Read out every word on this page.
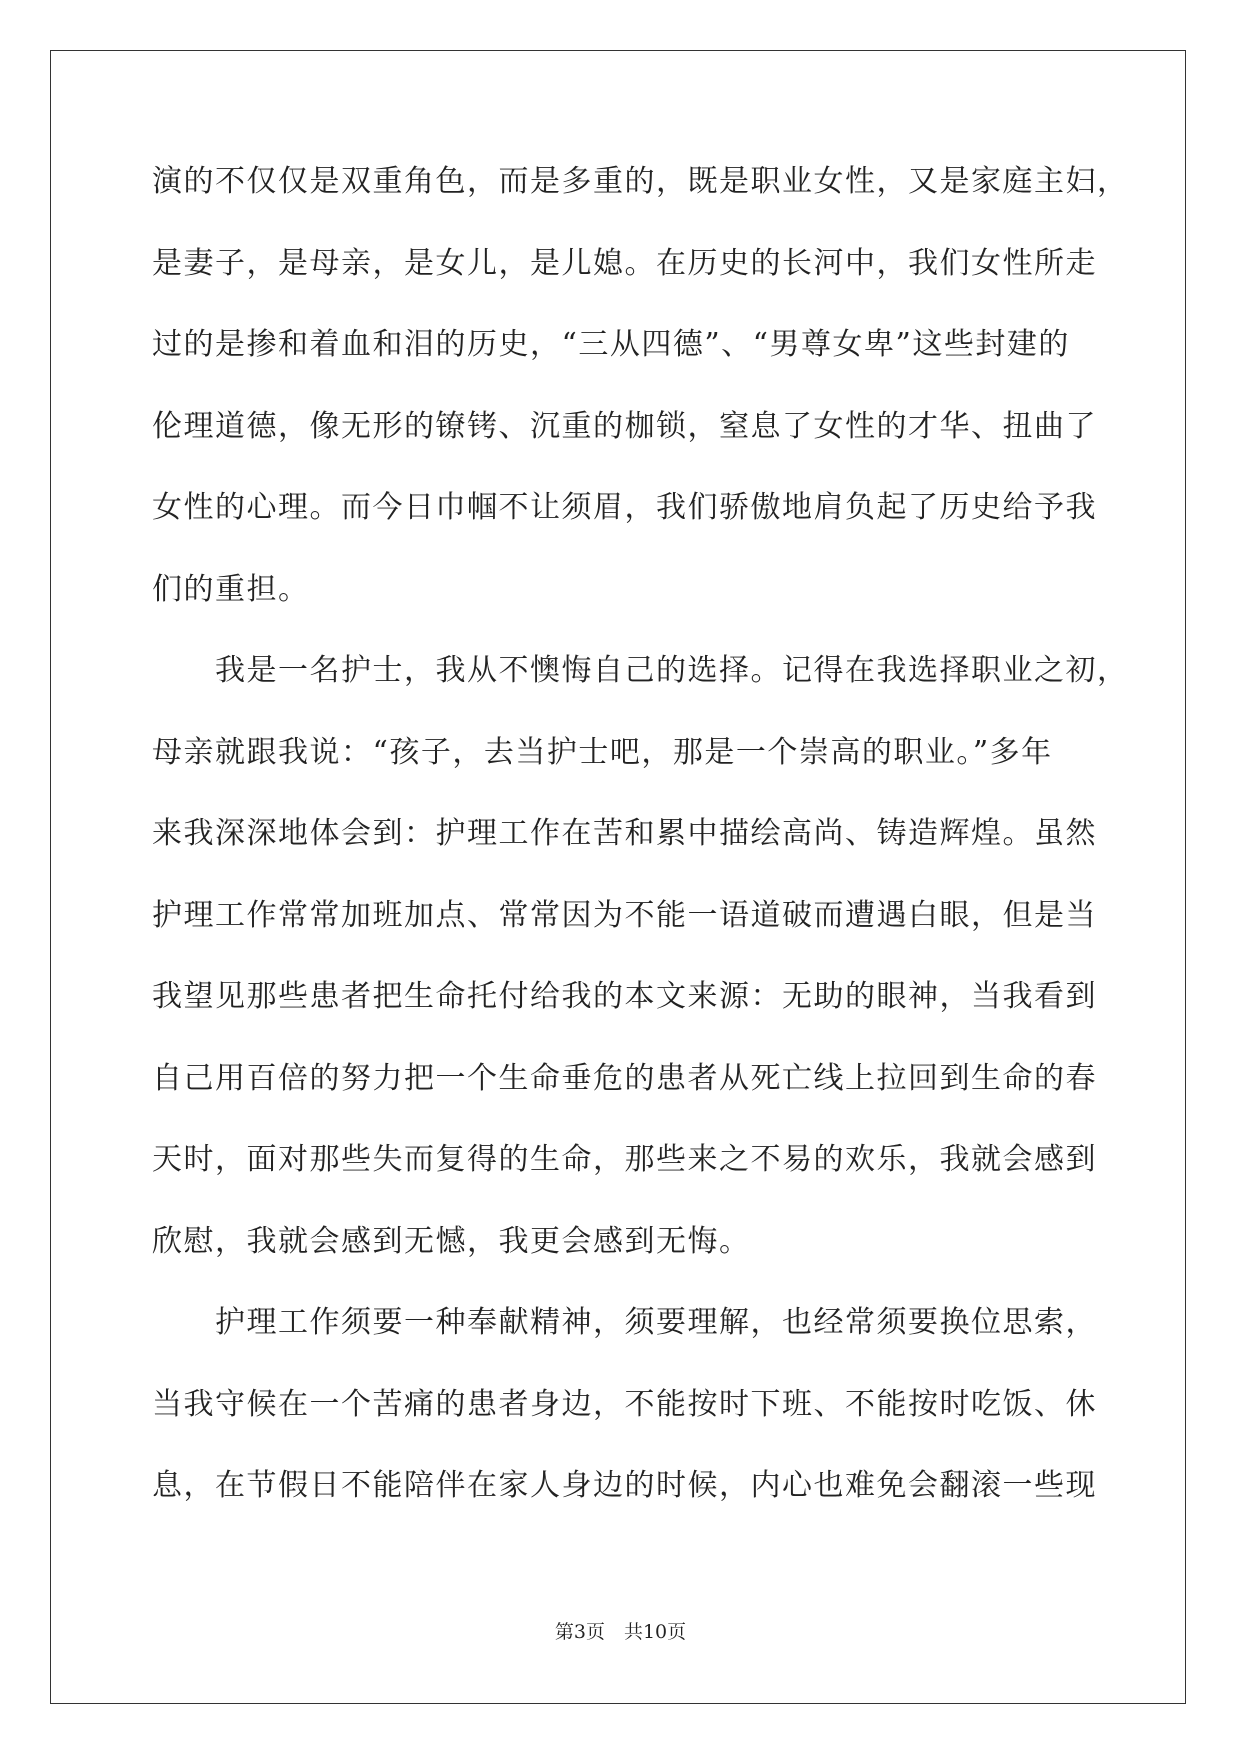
演的不仅仅是双重角色，而是多重的，既是职业女性，又是家庭主妇，
是妻子，是母亲，是女儿，是儿媳。在历史的长河中，我们女性所走
过的是掺和着血和泪的历史，“三从四德”、“男尊女卑”这些封建的
伦理道德，像无形的镣铐、沉重的枷锁，窒息了女性的才华、扭曲了
女性的心理。而今日巾帼不让须眉，我们骄傲地肩负起了历史给予我
们的重担。
　　我是一名护士，我从不懊悔自己的选择。记得在我选择职业之初，
母亲就跟我说：“孩子，去当护士吧，那是一个崇高的职业。”多年
来我深深地体会到：护理工作在苦和累中描绘高尚、铸造辉煌。虽然
护理工作常常加班加点、常常因为不能一语道破而遭遇白眼，但是当
我望见那些患者把生命托付给我的本文来源：无助的眼神，当我看到
自己用百倍的努力把一个生命垂危的患者从死亡线上拉回到生命的春
天时，面对那些失而复得的生命，那些来之不易的欢乐，我就会感到
欣慰，我就会感到无憾，我更会感到无悔。
　　护理工作须要一种奉献精神，须要理解，也经常须要换位思索，
当我守候在一个苦痛的患者身边，不能按时下班、不能按时吃饭、休
息，在节假日不能陪伴在家人身边的时候，内心也难免会翻滚一些现
第3页　共10页
